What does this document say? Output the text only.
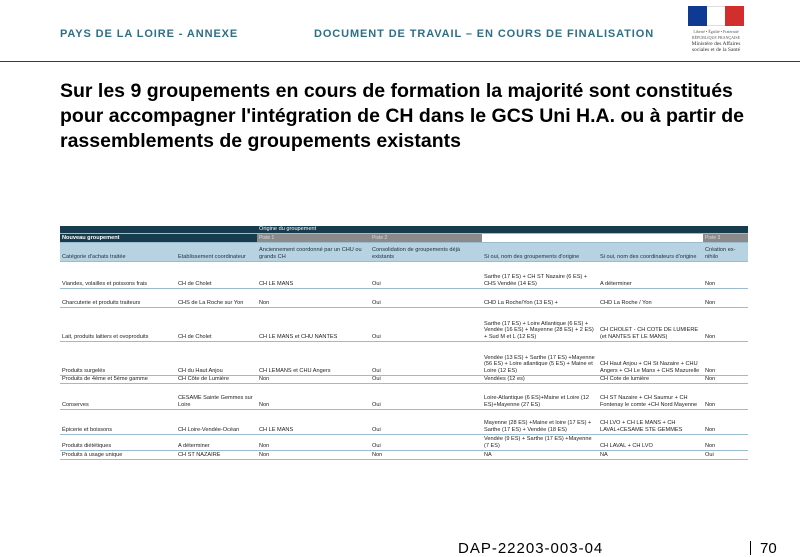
PAYS DE LA LOIRE - ANNEXE	DOCUMENT DE TRAVAIL – EN COURS DE FINALISATION	Liberté • Égalité • Fraternité
RÉPUBLIQUE FRANÇAISE
Ministère des Affaires sociales et de la Santé
Sur les 9 groupements en cours de formation la majorité sont constitués pour accompagner l'intégration de CH dans le GCS Uni H.A. ou à partir de rassemblements de groupements existants
		Origine du groupement				
Nouveau groupement		Piste 1	Piste 2			Piste 3
Catégorie d'achats traitée	Etablissement coordinateur	Anciennement coordonné par un CHU ou grands CH	Consolidation de groupements déjà existants	Si oui, nom des groupements d'origine	Si oui, nom des coordinateurs d'origine	Création ex-nihilo
Viandes, volailles et poissons frais	CH de Cholet	CH LE MANS	Oui	Sarthe (17 ES) + CH ST Nazaire (6 ES) + CHS Vendée (14 ES)	A déterminer	Non
Charcuterie et produits traiteurs	CHS de La Roche sur Yon	Non	Oui	CHD La Roche/Yon (13 ES) +	CHD La Roche / Yon	Non
Lait, produits laitiers et ovoproduits	CH de Cholet	CH LE MANS et CHU NANTES	Oui	Sarthe (17 ES) + Loire Atlantique (6 ES) + Vendée (16 ES) + Mayenne (28 ES) + 2 ES) + Sud M et L (12 ES)	CH CHOLET - CH COTE DE LUMIERE (et NANTES ET LE MANS)	Non
Produits surgelés	CH du Haut Anjou	CH LEMANS et CHU Angers	Oui	Vendée (13 ES) + Sarthe (17 ES) +Mayenne (56 ES) + Loire atlantique (5 ES) + Maine et Loire (12 ES)	CH Haut Anjou + CH St Nazaire + CHU Angers + CH Le Mans + CHS Mazurelle	Non
Produits de 4ème et 5ème gamme	CH Côte de Lumière	Non	Oui	Vendées (12 es)	CH Cote de lumière	Non
Conserves	CESAME Sainte Gemmes sur Loire	Non	Oui	Loire-Atlantique (6 ES)+Maine et Loire (12 ES)+Mayenne (27 ES)	CH ST Nazaire + CH Saumur + CH Fontenay le comte +CH Nord Mayenne	Non
Épicerie et boissons	CH Loire-Vendée-Océan	CH LE MANS	Oui	Mayenne (28 ES) +Maine et loire (17 ES) + Sarthe (17 ES) + Vendée (18 ES)	CH LVO + CH LE MANS + CH LAVAL+CESAME STE GEMMES	Non
Produits diététiques	A déterminer	Non	Oui	Vendée (9 ES) + Sarthe (17 ES) +Mayenne (7 ES)	CH LAVAL + CH LVO	Non
Produits à usage unique	CH ST NAZAIRE	Non	Non	NA	NA	Oui
DAP-22203-003-04	70
